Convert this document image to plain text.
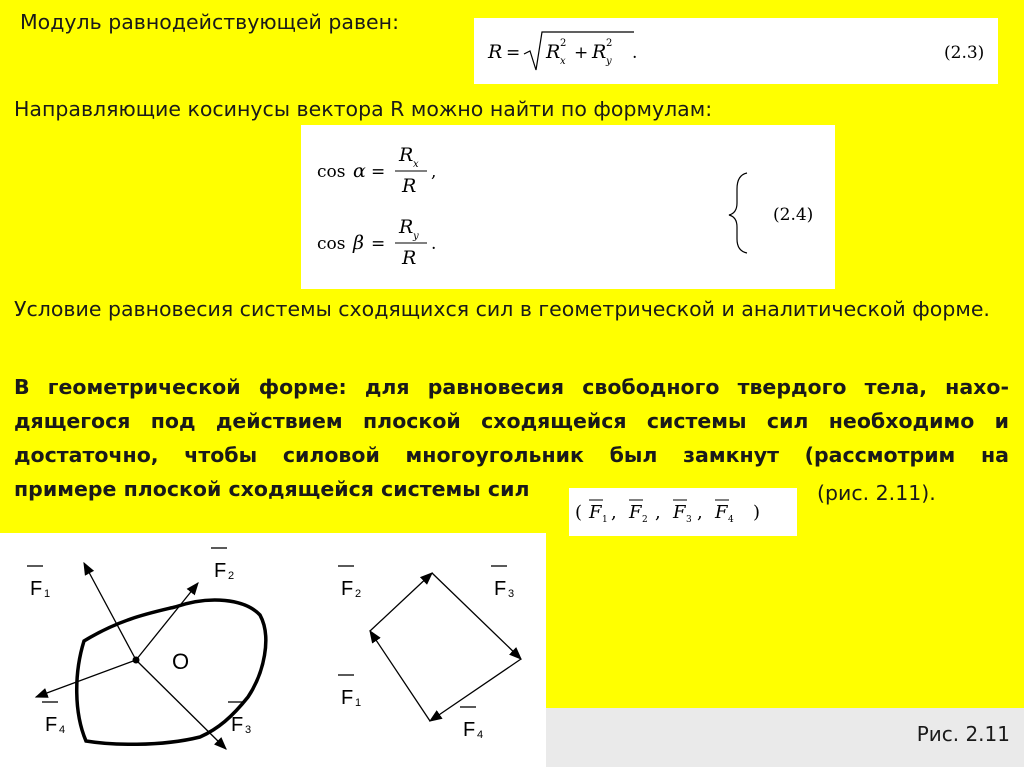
Модуль равнодействующей равен:

R = R 2
x + R 2
y .	(2.3)

Направляющие косинусы вектора R можно найти по формулам:

cos α =
R x
R
,
cos β =
R y
R
.
(2.4)

Условие равновесия системы сходящихся сил в геометрической и аналитической форме.

В геометрической форме: для равновесия свободного твердого тела, нахо-

дящегося под действием плоской сходящейся системы сил необходимо и

достаточно, чтобы силовой многоугольник был замкнут (рассмотрим на

примере плоской сходящейся системы сил

( F 1 , F 2 , F 3 , F 4 )

(рис. 2.11).

F 1
F 2
F 3
F 4
O
F 2	F 3
F 1
F 4	Рис. 2.11
